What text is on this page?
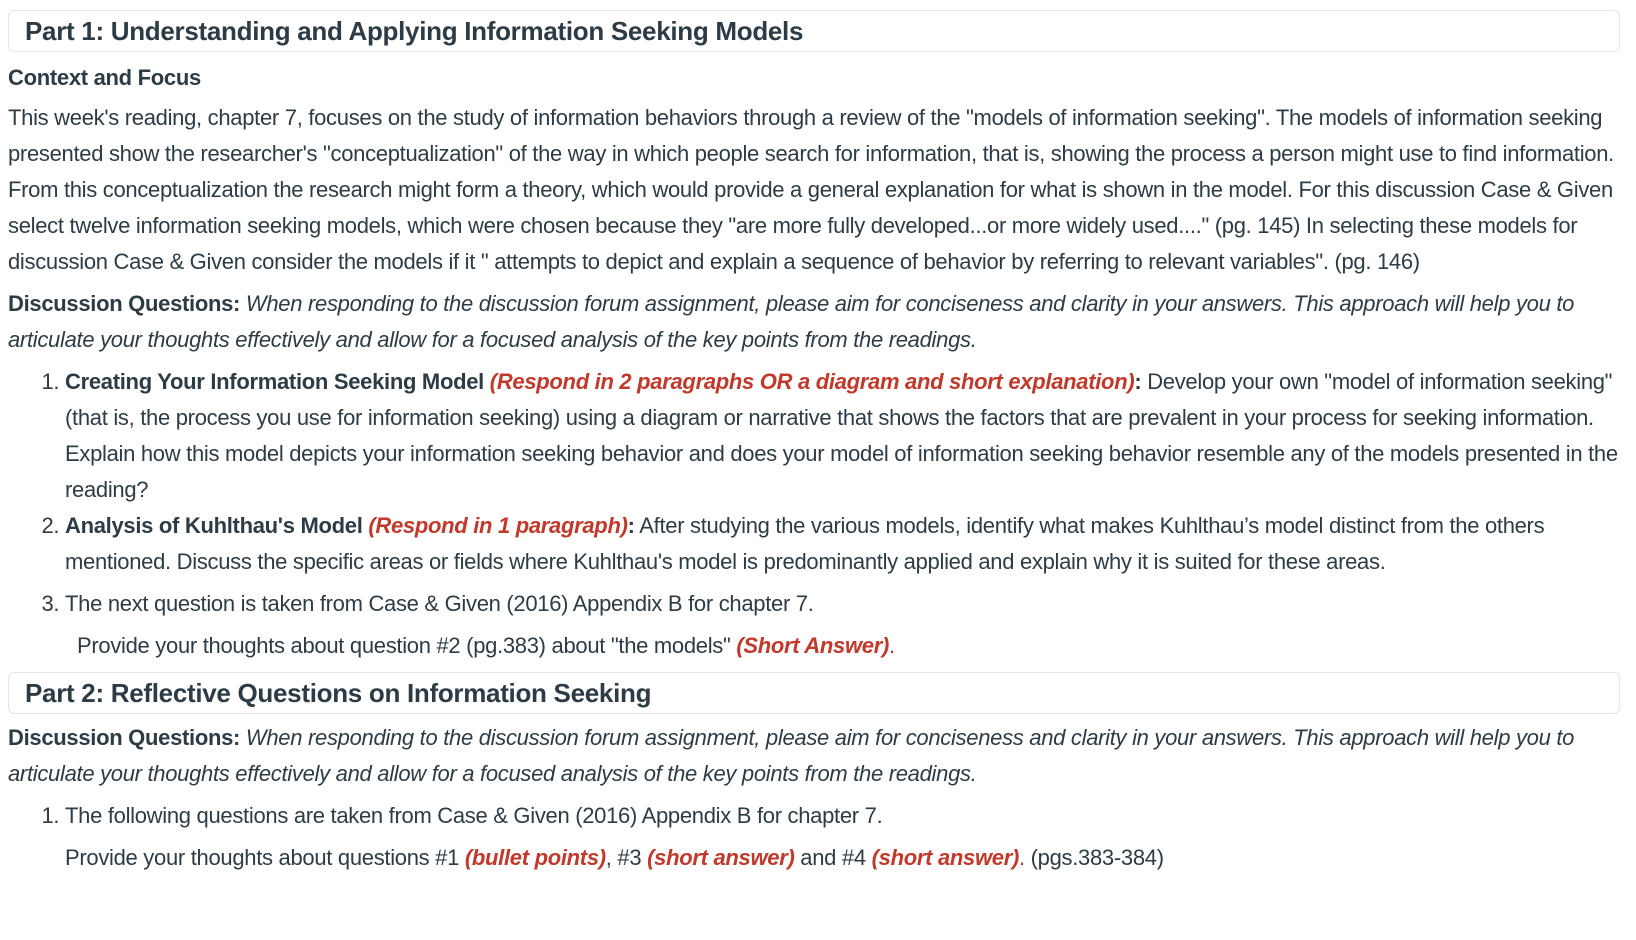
Part 1: Understanding and Applying Information Seeking Models
Context and Focus

This week's reading, chapter 7, focuses on the study of information behaviors through a review of the "models of information seeking". The models of information seeking presented show the researcher's "conceptualization" of the way in which people search for information, that is, showing the process a person might use to find information. From this conceptualization the research might form a theory, which would provide a general explanation for what is shown in the model. For this discussion Case & Given select twelve information seeking models, which were chosen because they "are more fully developed...or more widely used...." (pg. 145) In selecting these models for discussion Case & Given consider the models if it " attempts to depict and explain a sequence of behavior by referring to relevant variables". (pg. 146)

Discussion Questions: When responding to the discussion forum assignment, please aim for conciseness and clarity in your answers. This approach will help you to articulate your thoughts effectively and allow for a focused analysis of the key points from the readings.

1. Creating Your Information Seeking Model (Respond in 2 paragraphs OR a diagram and short explanation): Develop your own "model of information seeking" (that is, the process you use for information seeking) using a diagram or narrative that shows the factors that are prevalent in your process for seeking information. Explain how this model depicts your information seeking behavior and does your model of information seeking behavior resemble any of the models presented in the reading?
2. Analysis of Kuhlthau's Model (Respond in 1 paragraph): After studying the various models, identify what makes Kuhlthau’s model distinct from the others mentioned. Discuss the specific areas or fields where Kuhlthau's model is predominantly applied and explain why it is suited for these areas.
3. The next question is taken from Case & Given (2016) Appendix B for chapter 7.

Provide your thoughts about question #2 (pg.383) about "the models" (Short Answer).

Part 2: Reflective Questions on Information Seeking

Discussion Questions: When responding to the discussion forum assignment, please aim for conciseness and clarity in your answers. This approach will help you to articulate your thoughts effectively and allow for a focused analysis of the key points from the readings.

1. The following questions are taken from Case & Given (2016) Appendix B for chapter 7.

Provide your thoughts about questions #1 (bullet points), #3 (short answer) and #4 (short answer). (pgs.383-384)
